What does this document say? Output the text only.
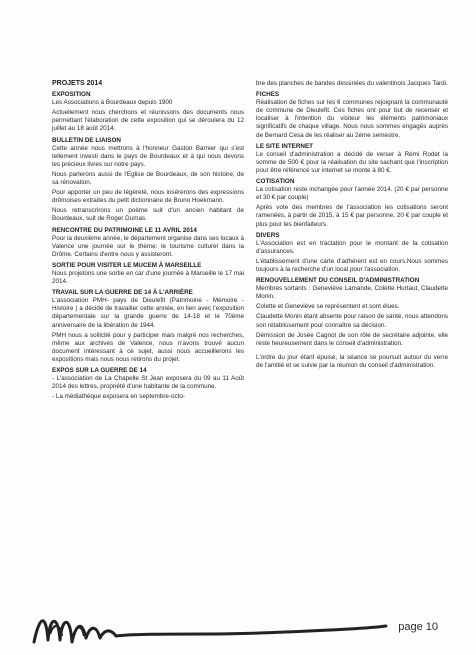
PROJETS 2014
EXPOSITION

Les Associations à Bourdeaux depuis 1900

Actuellement nous cherchons et réunissons des documents nous permettant l'élaboration de cette exposition qui se déroulera du 12 juillet au 18 août 2014.

BULLETIN DE LIAISON

Cette année nous mettrons à l'honneur Gaston Barnier qui s'est tellement investi dans le pays de Bourdeaux et à qui nous devons les précieux livres sur notre pays.

Nous parlerons aussi de l'Eglise de Bourdeaux, de son histoire, de sa rénovation.

Pour apporter un peu de légèreté, nous insèrerons des expressions drômoises extraites du petit dictionnaire de Bruno Hoekmann.

Nous retranscrirons un poème suit d'un ancien habitant de Bourdeaux, suit de Roger Dumas.

RENCONTRE DU PATRIMOINE LE 11 AVRIL 2014

Pour la deuxième année, le département organise dans ses locaux à Valence une journée sur le thème: le tourisme culturel dans la Drôme. Certains d'entre nous y assisteront.

SORTIE POUR VISITER LE MUCEM À MARSEILLE

Nous projetons une sortie en car d'une journée à Marseille le 17 mai 2014.

TRAVAIL SUR LA GUERRE DE 14 À L'ARRIÈRE

L'association PMH- pays de Dieulefit (Patrimoine - Mémoire - Histoire ) a décidé de travailler cette année, en lien avec l'exposition départementale sur la grande guerre de 14-18 et le 70ème anniversaire de la libération de 1944.

PMH nous a sollicité pour y participer mais malgré nos recherches, même aux archives de Valence, nous n'avons trouvé aucun document intéressant à ce sujet, aussi nous accueillerons les expositions mais nous nous retirons du projet.

EXPOS SUR LA GUERRE DE 14

- L'association de La Chapelle St Jean exposera du 09 au 11 Août 2014 des lettres, propriété d'une habitante de la commune.

- La médiathèque exposera en septembre-octo-

bre des planches de bandes dessinées du valentinois Jacques Tardi.

FICHES

Réalisation de fiches sur les 6 communes rejoignant la communauté de commune de Dieulefit. Ces fiches ont pour but de recenser et localiser à l'intention du visiteur les éléments patrimoniaux significatifs de chaque village. Nous nous sommes engagés auprès de Bernard Cesa de les réaliser au 2ème semestre.

LE SITE INTERNET

Le conseil d'administration a décidé de verser à Rémi Rodet la somme de 500 € pour la réalisation du site sachant que l'inscription pour être référencé sur internet se monte à 80 €.

COTISATION

La cotisation reste inchangée pour l'année 2014. (20 € par personne et 30 € par couple)

Après vote des membres de l'association les cotisations seront ramenées, à partir de 2015, à 15 € par personne, 20 € par couple et plus pour les bienfaiteurs.

DIVERS

L'Association est en tractation pour le montant de la cotisation d'assurances.

L'établissement d'une carte d'adhérent est en cours.Nous sommes toujours à la recherche d'un local pour l'association.

RENOUVELLEMENT DU CONSEIL D'ADMINISTRATION

Membres sortants : Geneviève Lamande, Colette Hurtaut, Claudette Monin.

Colette et Geneviève se représentent et sont élues.

Claudette Monin étant absente pour raison de santé, nous attendons son rétablissement pour connaître sa décision.

Démission de Josée Cagnot de son rôle de secrétaire adjointe, elle reste heureusement dans le conseil d'administration.

L'ordre du jour étant épuisé, la séance se poursuit autour du verre de l'amitié et se suivie par la réunion du conseil d'administration.

page 10
